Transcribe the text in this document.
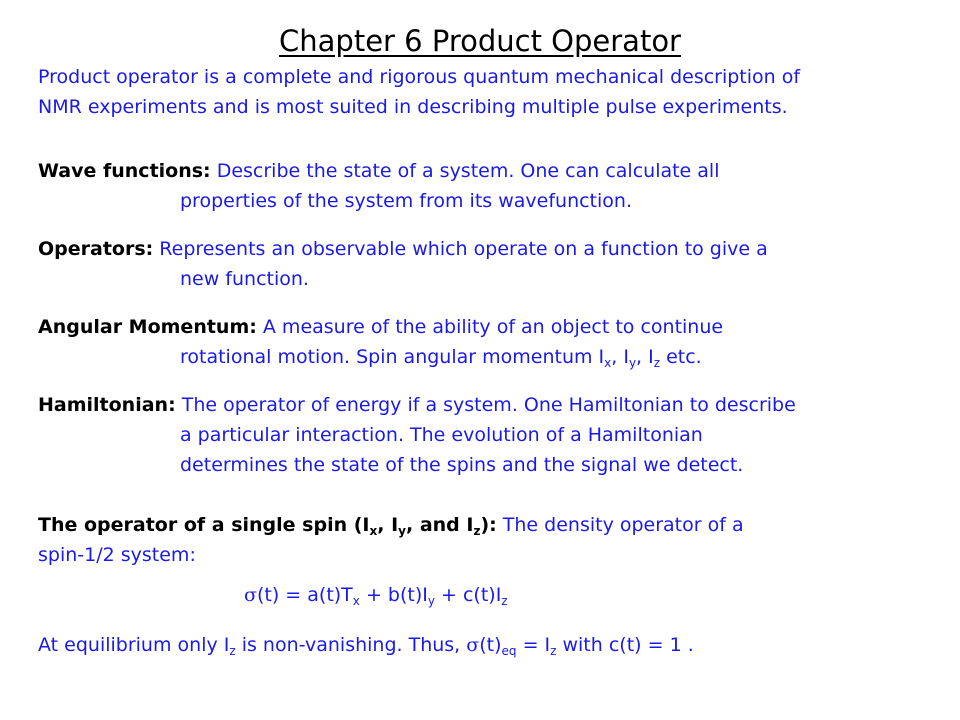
Chapter 6 Product Operator
Product operator is a complete and rigorous quantum mechanical description of
NMR experiments and is most suited in describing multiple pulse experiments.
Wave functions: Describe the state of a system. One can calculate all
properties of the system from its wavefunction.
Operators: Represents an observable which operate on a function to give a
new function.
Angular Momentum: A measure of the ability of an object to continue
rotational motion. Spin angular momentum $I_x$, $I_y$, $I_z$ etc.
Hamiltonian: The operator of energy if a system. One Hamiltonian to describe
a particular interaction. The evolution of a Hamiltonian
determines the state of the spins and the signal we detect.
The operator of a single spin ($I_x$, $I_y$, and $I_z$): The density operator of a
spin-1/2 system:
$\sigma(t) = a(t)T_x + b(t)I_y + c(t)I_z$
At equilibrium only $I_z$ is non-vanishing. Thus, $\sigma(t)_{eq} = I_z$ with c(t) = 1 .
